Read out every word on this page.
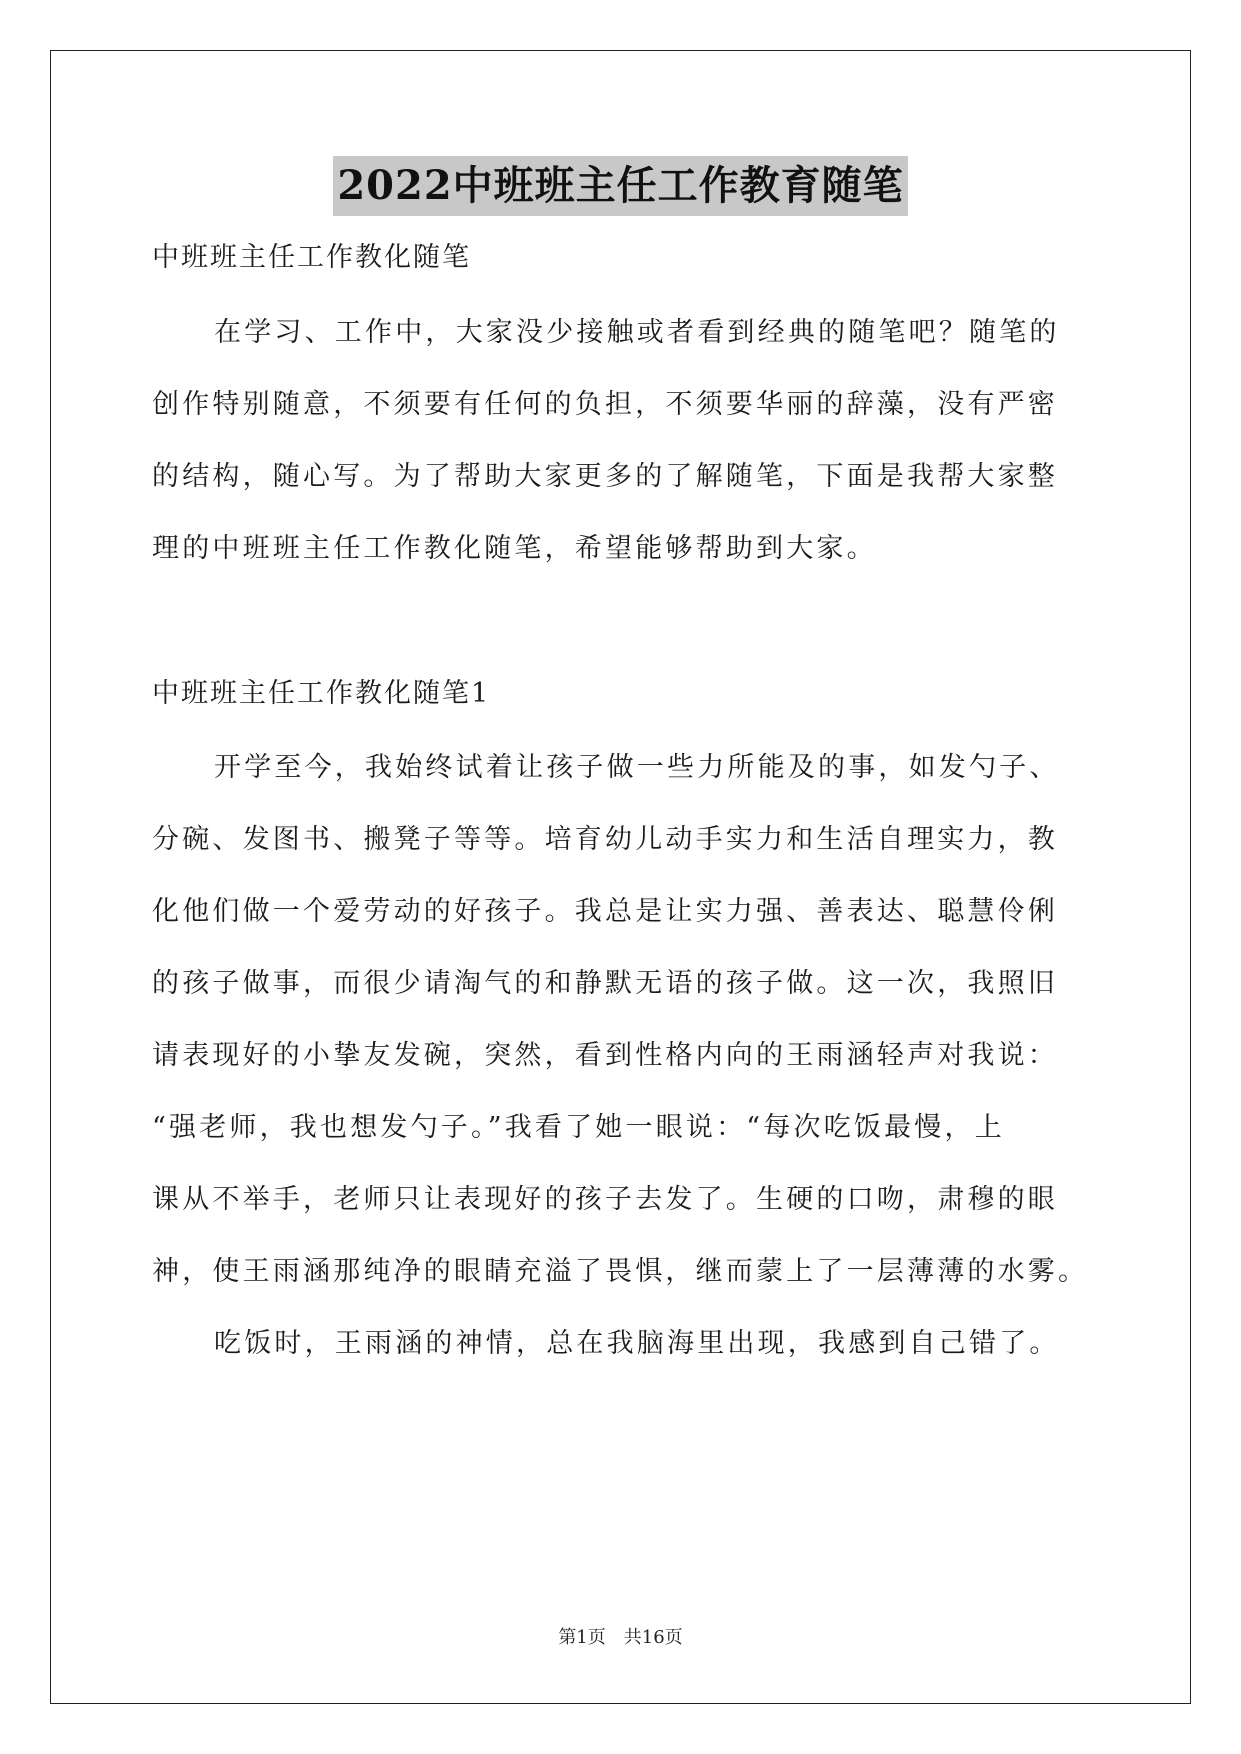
2022中班班主任工作教育随笔
中班班主任工作教化随笔
在学习、工作中，大家没少接触或者看到经典的随笔吧？随笔的
创作特别随意，不须要有任何的负担，不须要华丽的辞藻，没有严密
的结构，随心写。为了帮助大家更多的了解随笔，下面是我帮大家整
理的中班班主任工作教化随笔，希望能够帮助到大家。
中班班主任工作教化随笔1
开学至今，我始终试着让孩子做一些力所能及的事，如发勺子、
分碗、发图书、搬凳子等等。培育幼儿动手实力和生活自理实力，教
化他们做一个爱劳动的好孩子。我总是让实力强、善表达、聪慧伶俐
的孩子做事，而很少请淘气的和静默无语的孩子做。这一次，我照旧
请表现好的小挚友发碗，突然，看到性格内向的王雨涵轻声对我说：
“强老师，我也想发勺子。”我看了她一眼说：“每次吃饭最慢，上
课从不举手，老师只让表现好的孩子去发了。生硬的口吻，肃穆的眼
神，使王雨涵那纯净的眼睛充溢了畏惧，继而蒙上了一层薄薄的水雾。
吃饭时，王雨涵的神情，总在我脑海里出现，我感到自己错了。
第1页　共16页
